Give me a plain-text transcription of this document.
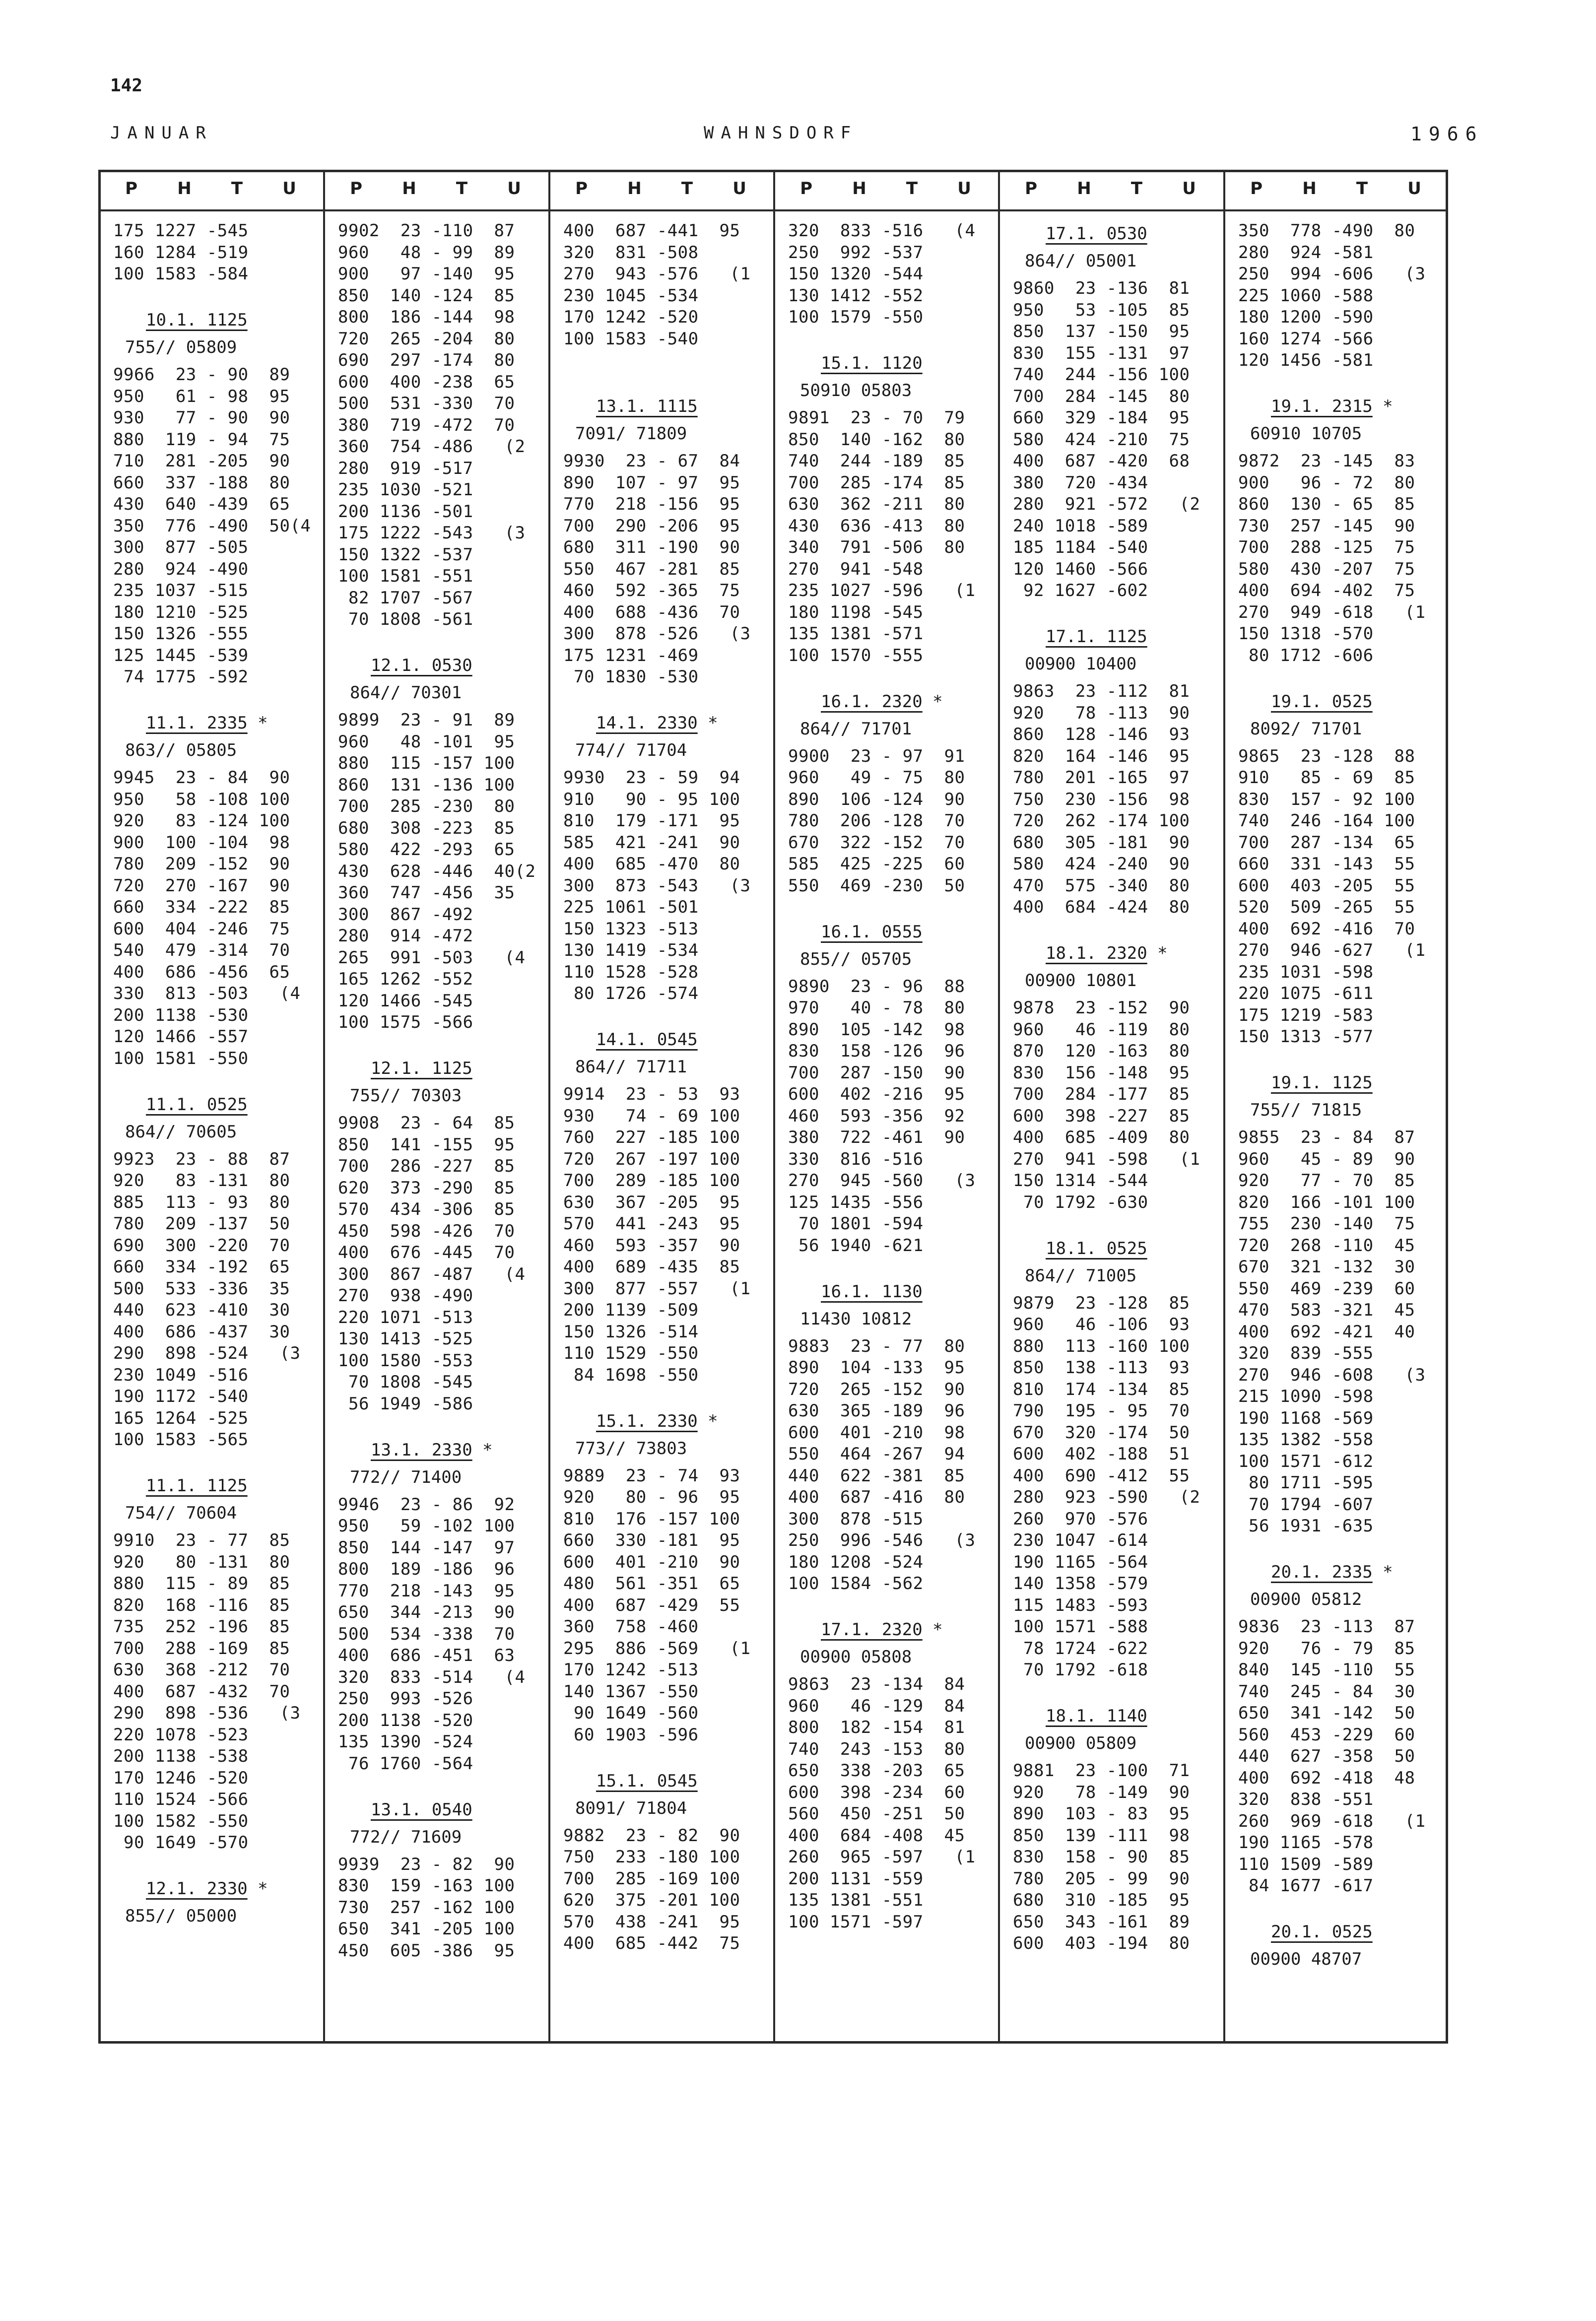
142
JANUAR	WAHNSDORF	1966
P H T U
175 1227 -545
160 1284 -519
100 1583 -584
10.1. 1125
755// 05809
9966  23 - 90  89
950   61 - 98  95
930   77 - 90  90
880  119 - 94  75
710  281 -205  90
660  337 -188  80
430  640 -439  65
350  776 -490  50(4
300  877 -505
280  924 -490
235 1037 -515
180 1210 -525
150 1326 -555
125 1445 -539
74 1775 -592
11.1. 2335 *
863// 05805
9945  23 - 84  90
950   58 -108 100
920   83 -124 100
900  100 -104  98
780  209 -152  90
720  270 -167  90
660  334 -222  85
600  404 -246  75
540  479 -314  70
400  686 -456  65
330  813 -503   (4
200 1138 -530
120 1466 -557
100 1581 -550
11.1. 0525
864// 70605
9923  23 - 88  87
920   83 -131  80
885  113 - 93  80
780  209 -137  50
690  300 -220  70
660  334 -192  65
500  533 -336  35
440  623 -410  30
400  686 -437  30
290  898 -524   (3
230 1049 -516
190 1172 -540
165 1264 -525
100 1583 -565
11.1. 1125
754// 70604
9910  23 - 77  85
920   80 -131  80
880  115 - 89  85
820  168 -116  85
735  252 -196  85
700  288 -169  85
630  368 -212  70
400  687 -432  70
290  898 -536   (3
220 1078 -523
200 1138 -538
170 1246 -520
110 1524 -566
100 1582 -550
90 1649 -570
12.1. 2330 *
855// 05000
P H T U
9902  23 -110  87
960   48 - 99  89
900   97 -140  95
850  140 -124  85
800  186 -144  98
720  265 -204  80
690  297 -174  80
600  400 -238  65
500  531 -330  70
380  719 -472  70
360  754 -486   (2
280  919 -517
235 1030 -521
200 1136 -501
175 1222 -543   (3
150 1322 -537
100 1581 -551
82 1707 -567
70 1808 -561
12.1. 0530
864// 70301
9899  23 - 91  89
960   48 -101  95
880  115 -157 100
860  131 -136 100
700  285 -230  80
680  308 -223  85
580  422 -293  65
430  628 -446  40(2
360  747 -456  35
300  867 -492
280  914 -472
265  991 -503   (4
165 1262 -552
120 1466 -545
100 1575 -566
12.1. 1125
755// 70303
9908  23 - 64  85
850  141 -155  95
700  286 -227  85
620  373 -290  85
570  434 -306  85
450  598 -426  70
400  676 -445  70
300  867 -487   (4
270  938 -490
220 1071 -513
130 1413 -525
100 1580 -553
70 1808 -545
56 1949 -586
13.1. 2330 *
772// 71400
9946  23 - 86  92
950   59 -102 100
850  144 -147  97
800  189 -186  96
770  218 -143  95
650  344 -213  90
500  534 -338  70
400  686 -451  63
320  833 -514   (4
250  993 -526
200 1138 -520
135 1390 -524
76 1760 -564
13.1. 0540
772// 71609
9939  23 - 82  90
830  159 -163 100
730  257 -162 100
650  341 -205 100
450  605 -386  95
P H T U
400  687 -441  95
320  831 -508
270  943 -576   (1
230 1045 -534
170 1242 -520
100 1583 -540
13.1. 1115
7091/ 71809
9930  23 - 67  84
890  107 - 97  95
770  218 -156  95
700  290 -206  95
680  311 -190  90
550  467 -281  85
460  592 -365  75
400  688 -436  70
300  878 -526   (3
175 1231 -469
70 1830 -530
14.1. 2330 *
774// 71704
9930  23 - 59  94
910   90 - 95 100
810  179 -171  95
585  421 -241  90
400  685 -470  80
300  873 -543   (3
225 1061 -501
150 1323 -513
130 1419 -534
110 1528 -528
80 1726 -574
14.1. 0545
864// 71711
9914  23 - 53  93
930   74 - 69 100
760  227 -185 100
720  267 -197 100
700  289 -185 100
630  367 -205  95
570  441 -243  95
460  593 -357  90
400  689 -435  85
300  877 -557   (1
200 1139 -509
150 1326 -514
110 1529 -550
84 1698 -550
15.1. 2330 *
773// 73803
9889  23 - 74  93
920   80 - 96  95
810  176 -157 100
660  330 -181  95
600  401 -210  90
480  561 -351  65
400  687 -429  55
360  758 -460
295  886 -569   (1
170 1242 -513
140 1367 -550
90 1649 -560
60 1903 -596
15.1. 0545
8091/ 71804
9882  23 - 82  90
750  233 -180 100
700  285 -169 100
620  375 -201 100
570  438 -241  95
400  685 -442  75
P H T U
320  833 -516   (4
250  992 -537
150 1320 -544
130 1412 -552
100 1579 -550
15.1. 1120
50910 05803
9891  23 - 70  79
850  140 -162  80
740  244 -189  85
700  285 -174  85
630  362 -211  80
430  636 -413  80
340  791 -506  80
270  941 -548
235 1027 -596   (1
180 1198 -545
135 1381 -571
100 1570 -555
16.1. 2320 *
864// 71701
9900  23 - 97  91
960   49 - 75  80
890  106 -124  90
780  206 -128  70
670  322 -152  70
585  425 -225  60
550  469 -230  50
16.1. 0555
855// 05705
9890  23 - 96  88
970   40 - 78  80
890  105 -142  98
830  158 -126  96
700  287 -150  90
600  402 -216  95
460  593 -356  92
380  722 -461  90
330  816 -516
270  945 -560   (3
125 1435 -556
70 1801 -594
56 1940 -621
16.1. 1130
11430 10812
9883  23 - 77  80
890  104 -133  95
720  265 -152  90
630  365 -189  96
600  401 -210  98
550  464 -267  94
440  622 -381  85
400  687 -416  80
300  878 -515
250  996 -546   (3
180 1208 -524
100 1584 -562
17.1. 2320 *
00900 05808
9863  23 -134  84
960   46 -129  84
800  182 -154  81
740  243 -153  80
650  338 -203  65
600  398 -234  60
560  450 -251  50
400  684 -408  45
260  965 -597   (1
200 1131 -559
135 1381 -551
100 1571 -597
P H T U
17.1. 0530
864// 05001
9860  23 -136  81
950   53 -105  85
850  137 -150  95
830  155 -131  97
740  244 -156 100
700  284 -145  80
660  329 -184  95
580  424 -210  75
400  687 -420  68
380  720 -434
280  921 -572   (2
240 1018 -589
185 1184 -540
120 1460 -566
92 1627 -602
17.1. 1125
00900 10400
9863  23 -112  81
920   78 -113  90
860  128 -146  93
820  164 -146  95
780  201 -165  97
750  230 -156  98
720  262 -174 100
680  305 -181  90
580  424 -240  90
470  575 -340  80
400  684 -424  80
18.1. 2320 *
00900 10801
9878  23 -152  90
960   46 -119  80
870  120 -163  80
830  156 -148  95
700  284 -177  85
600  398 -227  85
400  685 -409  80
270  941 -598   (1
150 1314 -544
70 1792 -630
18.1. 0525
864// 71005
9879  23 -128  85
960   46 -106  93
880  113 -160 100
850  138 -113  93
810  174 -134  85
790  195 - 95  70
670  320 -174  50
600  402 -188  51
400  690 -412  55
280  923 -590   (2
260  970 -576
230 1047 -614
190 1165 -564
140 1358 -579
115 1483 -593
100 1571 -588
78 1724 -622
70 1792 -618
18.1. 1140
00900 05809
9881  23 -100  71
920   78 -149  90
890  103 - 83  95
850  139 -111  98
830  158 - 90  85
780  205 - 99  90
680  310 -185  95
650  343 -161  89
600  403 -194  80
P H T U
350  778 -490  80
280  924 -581
250  994 -606   (3
225 1060 -588
180 1200 -590
160 1274 -566
120 1456 -581
19.1. 2315 *
60910 10705
9872  23 -145  83
900   96 - 72  80
860  130 - 65  85
730  257 -145  90
700  288 -125  75
580  430 -207  75
400  694 -402  75
270  949 -618   (1
150 1318 -570
80 1712 -606
19.1. 0525
8092/ 71701
9865  23 -128  88
910   85 - 69  85
830  157 - 92 100
740  246 -164 100
700  287 -134  65
660  331 -143  55
600  403 -205  55
520  509 -265  55
400  692 -416  70
270  946 -627   (1
235 1031 -598
220 1075 -611
175 1219 -583
150 1313 -577
19.1. 1125
755// 71815
9855  23 - 84  87
960   45 - 89  90
920   77 - 70  85
820  166 -101 100
755  230 -140  75
720  268 -110  45
670  321 -132  30
550  469 -239  60
470  583 -321  45
400  692 -421  40
320  839 -555
270  946 -608   (3
215 1090 -598
190 1168 -569
135 1382 -558
100 1571 -612
80 1711 -595
70 1794 -607
56 1931 -635
20.1. 2335 *
00900 05812
9836  23 -113  87
920   76 - 79  85
840  145 -110  55
740  245 - 84  30
650  341 -142  50
560  453 -229  60
440  627 -358  50
400  692 -418  48
320  838 -551
260  969 -618   (1
190 1165 -578
110 1509 -589
84 1677 -617
20.1. 0525
00900 48707
